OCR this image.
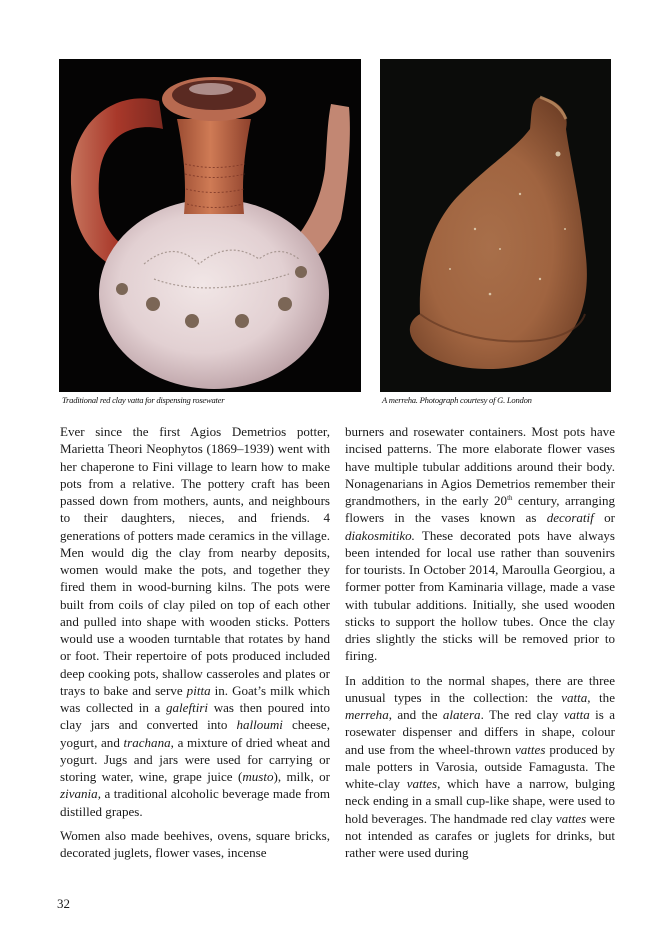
Traditional red clay vatta for dispensing rosewater	A merreha. Photograph courtesy of G. London

Ever since the first Agios Demetrios potter, Marietta Theori Neophytos (1869–1939) went with her chaperone to Fini village to learn how to make pots from a relative. The pottery craft has been passed down from mothers, aunts, and neighbours to their daughters, nieces, and friends. 4 generations of potters made ceramics in the village. Men would dig the clay from nearby deposits, women would make the pots, and together they fired them in wood-burning kilns. The pots were built from coils of clay piled on top of each other and pulled into shape with wooden sticks. Potters would use a wooden turntable that rotates by hand or foot. Their repertoire of pots produced included deep cooking pots, shallow casseroles and plates or trays to bake and serve pitta in. Goat’s milk which was collected in a galeftiri was then poured into clay jars and converted into halloumi cheese, yogurt, and trachana, a mixture of dried wheat and yogurt. Jugs and jars were used for carrying or storing water, wine, grape juice (musto), milk, or zivania, a traditional alcoholic beverage made from distilled grapes.

Women also made beehives, ovens, square bricks, decorated juglets, flower vases, incense

burners and rosewater containers. Most pots have incised patterns. The more elaborate flower vases have multiple tubular additions around their body. Nonagenarians in Agios Demetrios remember their grandmothers, in the early 20th century, arranging flowers in the vases known as decoratif or diakosmitiko. These decorated pots have always been intended for local use rather than souvenirs for tourists. In October 2014, Maroulla Georgiou, a former potter from Kaminaria village, made a vase with tubular additions. Initially, she used wooden sticks to support the hollow tubes. Once the clay dries slightly the sticks will be removed prior to firing.

In addition to the normal shapes, there are three unusual types in the collection: the vatta, the merreha, and the alatera. The red clay vatta is a rosewater dispenser and differs in shape, colour and use from the wheel-thrown vattes produced by male potters in Varosia, outside Famagusta. The white-clay vattes, which have a narrow, bulging neck ending in a small cup-like shape, were used to hold beverages. The handmade red clay vattes were not intended as carafes or juglets for drinks, but rather were used during

32
